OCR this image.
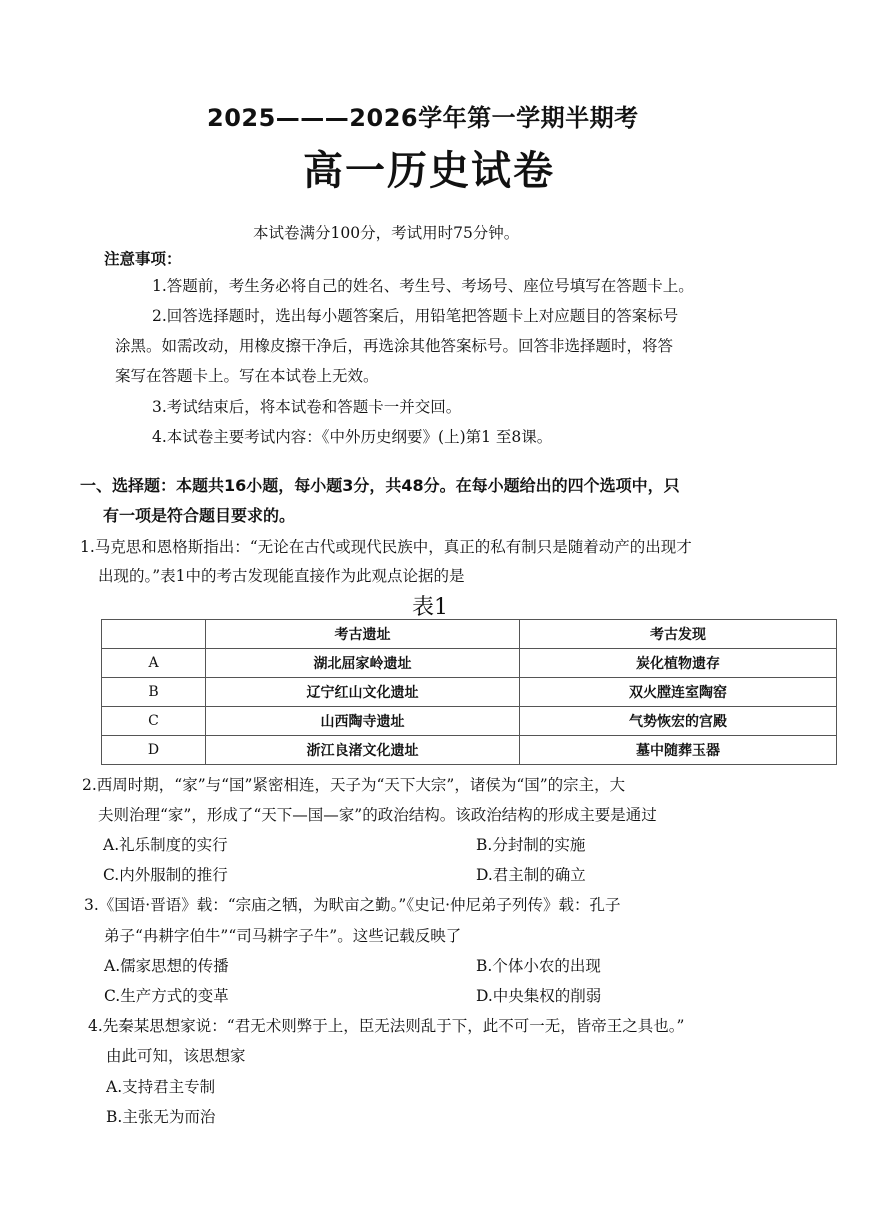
2025———2026学年第一学期半期考
高一历史试卷
本试卷满分100分，考试用时75分钟。
注意事项：
1.答题前，考生务必将自己的姓名、考生号、考场号、座位号填写在答题卡上。
2.回答选择题时，选出每小题答案后，用铅笔把答题卡上对应题目的答案标号
涂黑。如需改动，用橡皮擦干净后，再选涂其他答案标号。回答非选择题时，将答
案写在答题卡上。写在本试卷上无效。
3.考试结束后，将本试卷和答题卡一并交回。
4.本试卷主要考试内容：《中外历史纲要》(上)第1 至8课。
一、选择题：本题共16小题，每小题3分，共48分。在每小题给出的四个选项中，只
有一项是符合题目要求的。
1.马克思和恩格斯指出：“无论在古代或现代民族中，真正的私有制只是随着动产的出现才
出现的。”表1中的考古发现能直接作为此观点论据的是
表1
	考古遗址	考古发现
A	湖北屈家岭遗址	炭化植物遗存
B	辽宁红山文化遗址	双火膛连室陶窑
C	山西陶寺遗址	气势恢宏的宫殿
D	浙江良渚文化遗址	墓中随葬玉器
2.西周时期，“家”与“国”紧密相连，天子为“天下大宗”，诸侯为“国”的宗主，大
夫则治理“家”，形成了“天下—国—家”的政治结构。该政治结构的形成主要是通过
A.礼乐制度的实行	B.分封制的实施
C.内外服制的推行	D.君主制的确立
3.《国语·晋语》载：“宗庙之牺，为畎亩之勤。”《史记·仲尼弟子列传》载：孔子
弟子“冉耕字伯牛”“司马耕字子牛”。这些记载反映了
A.儒家思想的传播	B.个体小农的出现
C.生产方式的变革	D.中央集权的削弱
4.先秦某思想家说：“君无术则弊于上，臣无法则乱于下，此不可一无，皆帝王之具也。”
由此可知，该思想家
A.支持君主专制
B.主张无为而治
